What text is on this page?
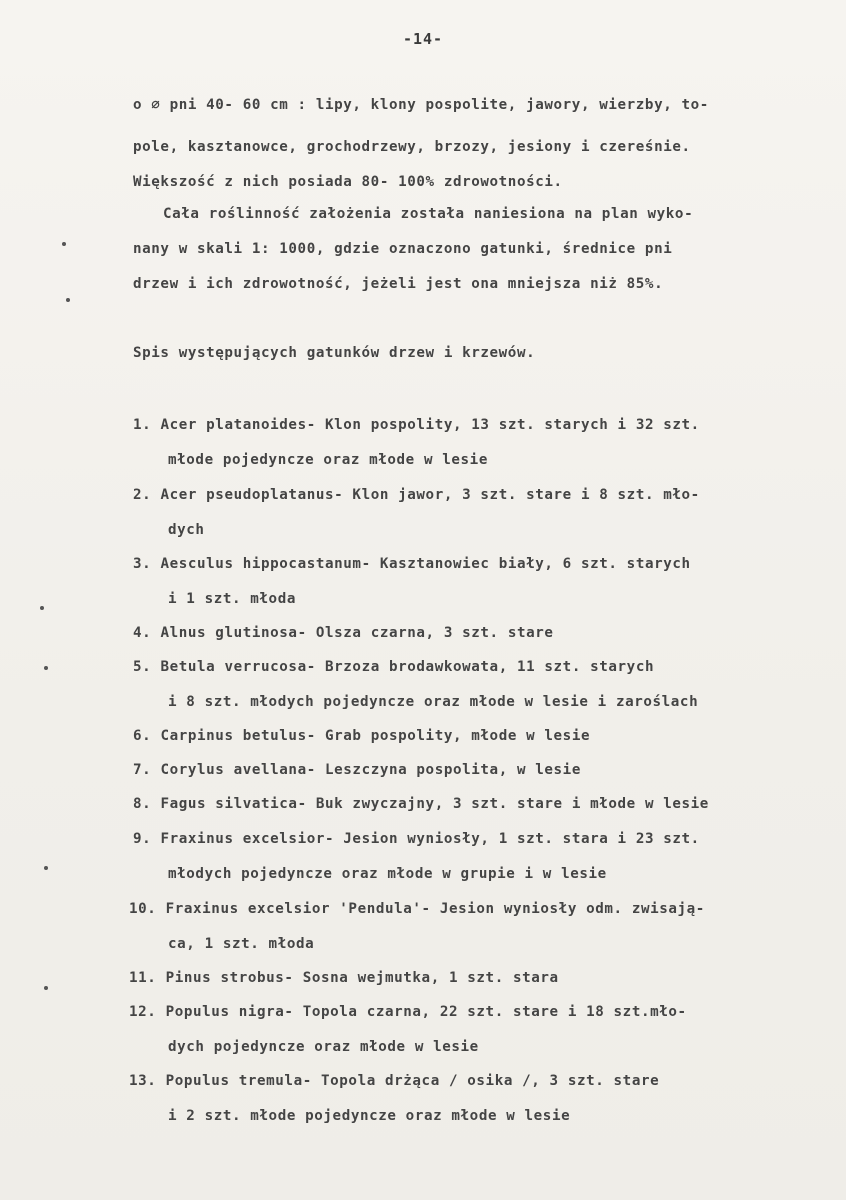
-14-
o ∅ pni 40- 60 cm : lipy, klony pospolite, jawory, wierzby, to-
pole, kasztanowce, grochodrzewy, brzozy, jesiony i czereśnie.
Większość z nich posiada 80- 100% zdrowotności.
Cała roślinność założenia została naniesiona na plan wyko-
nany w skali 1: 1000, gdzie oznaczono gatunki, średnice pni
drzew i ich zdrowotność, jeżeli jest ona mniejsza niż 85%.
Spis występujących gatunków drzew i krzewów.
1. Acer platanoides- Klon pospolity, 13 szt. starych i 32 szt.
młode pojedyncze oraz młode w lesie
2. Acer pseudoplatanus- Klon jawor, 3 szt. stare i 8 szt. mło-
dych
3. Aesculus hippocastanum- Kasztanowiec biały, 6 szt. starych
i 1 szt. młoda
4. Alnus glutinosa- Olsza czarna, 3 szt. stare
5. Betula verrucosa- Brzoza brodawkowata, 11 szt. starych
i 8 szt. młodych pojedyncze oraz młode w lesie i zaroślach
6. Carpinus betulus- Grab pospolity, młode w lesie
7. Corylus avellana- Leszczyna pospolita, w lesie
8. Fagus silvatica- Buk zwyczajny, 3 szt. stare i młode w lesie
9. Fraxinus excelsior- Jesion wyniosły, 1 szt. stara i 23 szt.
młodych pojedyncze oraz młode w grupie i w lesie
10. Fraxinus excelsior 'Pendula'- Jesion wyniosły odm. zwisają-
ca, 1 szt. młoda
11. Pinus strobus- Sosna wejmutka, 1 szt. stara
12. Populus nigra- Topola czarna, 22 szt. stare i 18 szt.mło-
dych pojedyncze oraz młode w lesie
13. Populus tremula- Topola drżąca / osika /, 3 szt. stare
i 2 szt. młode pojedyncze oraz młode w lesie
